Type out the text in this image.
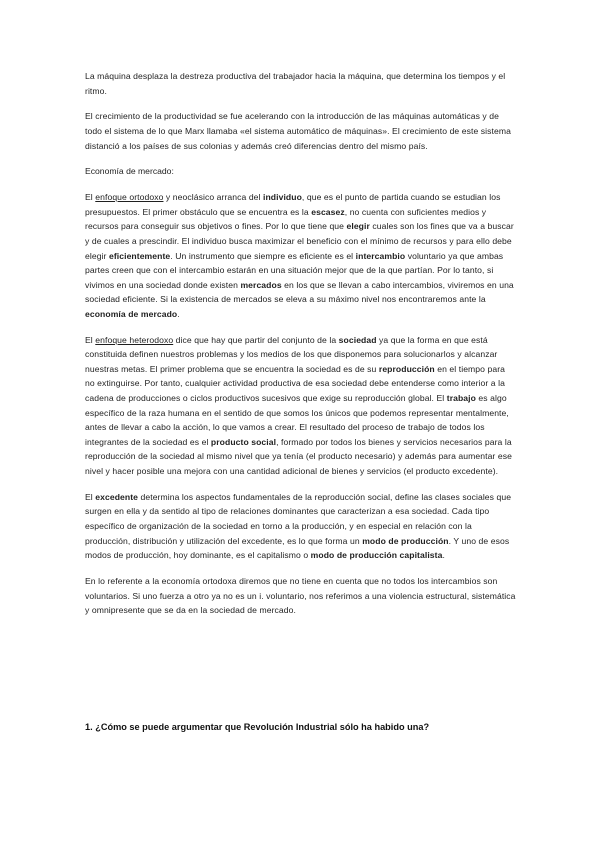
La máquina desplaza la destreza productiva del trabajador hacia la máquina, que determina los tiempos y el ritmo.

El crecimiento de la productividad se fue acelerando con la introducción de las máquinas automáticas y de todo el sistema de lo que Marx llamaba «el sistema automático de máquinas». El crecimiento de este sistema distanció a los países de sus colonias y además creó diferencias dentro del mismo país.

Economía de mercado:

El enfoque ortodoxo y neoclásico arranca del individuo, que es el punto de partida cuando se estudian los presupuestos. El primer obstáculo que se encuentra es la escasez, no cuenta con suficientes medios y recursos para conseguir sus objetivos o fines. Por lo que tiene que elegir cuales son los fines que va a buscar y de cuales a prescindir. El individuo busca maximizar el beneficio con el mínimo de recursos y para ello debe elegir eficientemente. Un instrumento que siempre es eficiente es el intercambio voluntario ya que ambas partes creen que con el intercambio estarán en una situación mejor que de la que partían. Por lo tanto, si vivimos en una sociedad donde existen mercados en los que se llevan a cabo intercambios, viviremos en una sociedad eficiente. Si la existencia de mercados se eleva a su máximo nivel nos encontraremos ante la economía de mercado.

El enfoque heterodoxo dice que hay que partir del conjunto de la sociedad ya que la forma en que está constituida definen nuestros problemas y los medios de los que disponemos para solucionarlos y alcanzar nuestras metas. El primer problema que se encuentra la sociedad es de su reproducción en el tiempo para no extinguirse. Por tanto, cualquier actividad productiva de esa sociedad debe entenderse como interior a la cadena de producciones o ciclos productivos sucesivos que exige su reproducción global. El trabajo es algo específico de la raza humana en el sentido de que somos los únicos que podemos representar mentalmente, antes de llevar a cabo la acción, lo que vamos a crear. El resultado del proceso de trabajo de todos los integrantes de la sociedad es el producto social, formado por todos los bienes y servicios necesarios para la reproducción de la sociedad al mismo nivel que ya tenía (el producto necesario) y además para aumentar ese nivel y hacer posible una mejora con una cantidad adicional de bienes y servicios (el producto excedente).

El excedente determina los aspectos fundamentales de la reproducción social, define las clases sociales que surgen en ella y da sentido al tipo de relaciones dominantes que caracterizan a esa sociedad. Cada tipo específico de organización de la sociedad en torno a la producción, y en especial en relación con la producción, distribución y utilización del excedente, es lo que forma un modo de producción. Y uno de esos modos de producción, hoy dominante, es el capitalismo o modo de producción capitalista.

En lo referente a la economía ortodoxa diremos que no tiene en cuenta que no todos los intercambios son voluntarios. Si uno fuerza a otro ya no es un i. voluntario, nos referimos a una violencia estructural, sistemática y omnipresente que se da en la sociedad de mercado.

1. ¿Cómo se puede argumentar que Revolución Industrial sólo ha habido una?
